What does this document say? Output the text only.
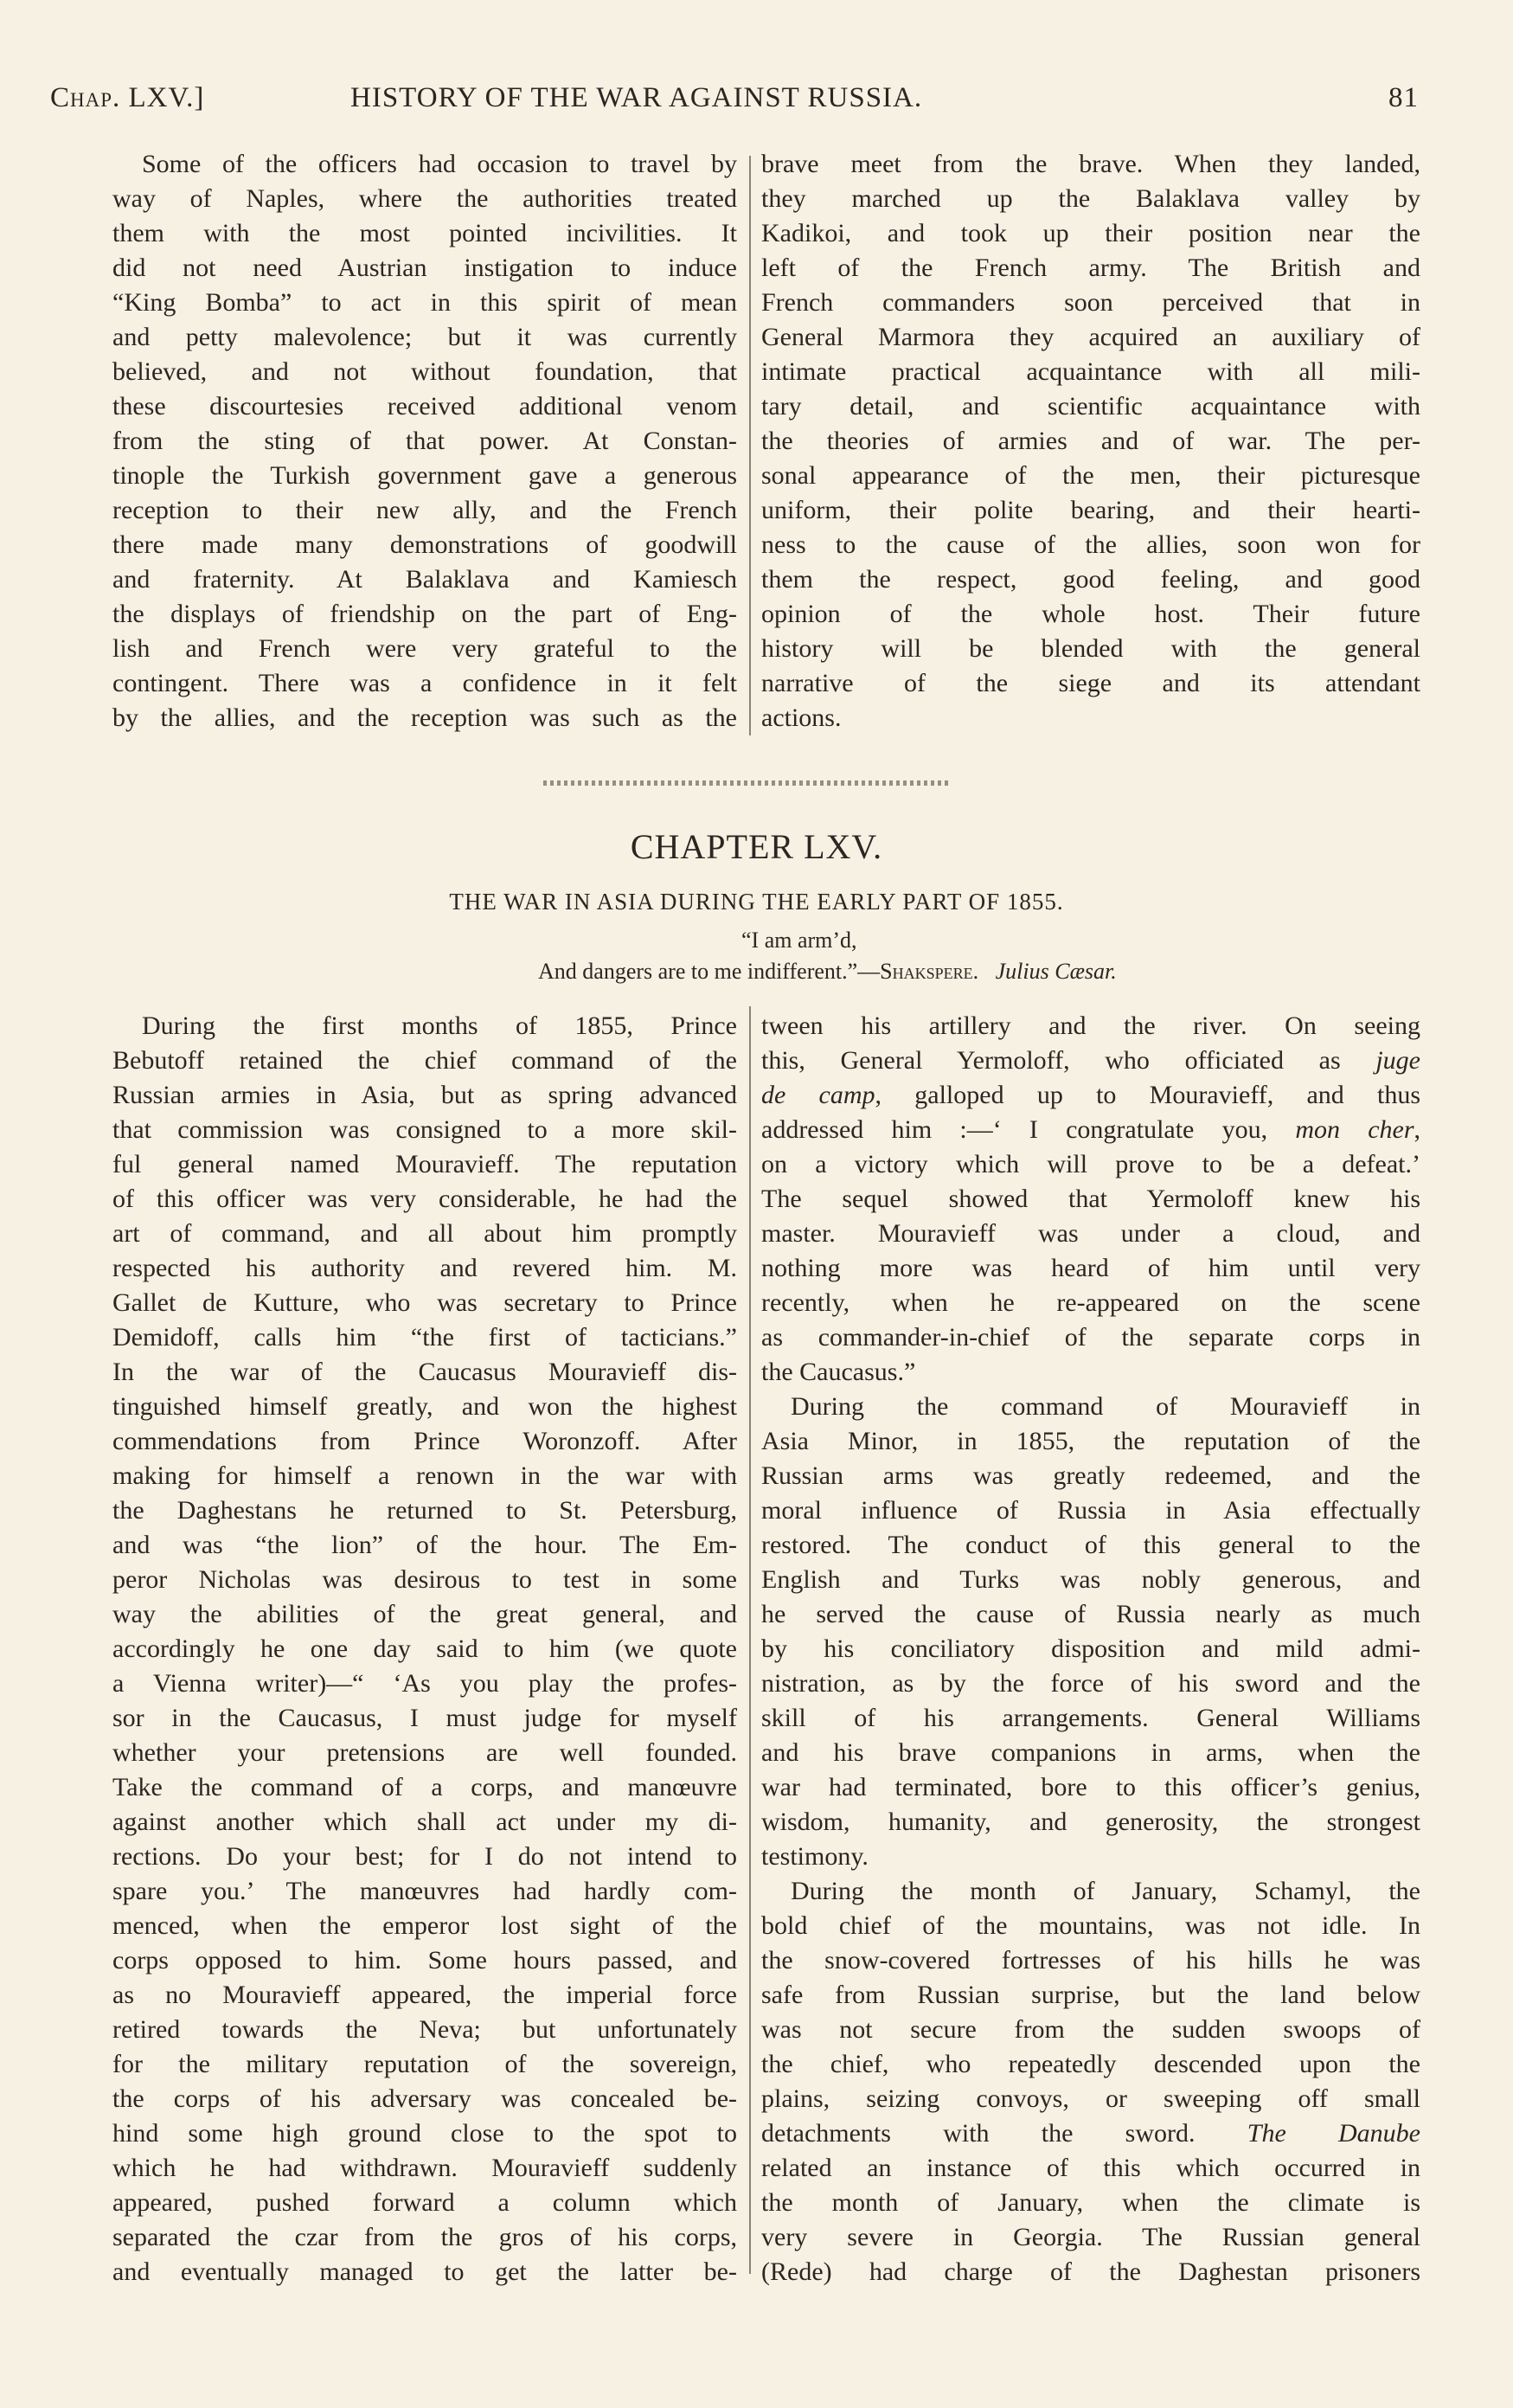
Chap. LXV.]	HISTORY OF THE WAR AGAINST RUSSIA.	81
Some of the officers had occasion to travel by
way of Naples, where the authorities treated
them with the most pointed incivilities. It
did not need Austrian instigation to induce
“King Bomba” to act in this spirit of mean
and petty malevolence; but it was currently
believed, and not without foundation, that
these discourtesies received additional venom
from the sting of that power. At Constan-
tinople the Turkish government gave a generous
reception to their new ally, and the French
there made many demonstrations of goodwill
and fraternity. At Balaklava and Kamiesch
the displays of friendship on the part of Eng-
lish and French were very grateful to the
contingent. There was a confidence in it felt
by the allies, and the reception was such as the
brave meet from the brave. When they landed,
they marched up the Balaklava valley by
Kadikoi, and took up their position near the
left of the French army. The British and
French commanders soon perceived that in
General Marmora they acquired an auxiliary of
intimate practical acquaintance with all mili-
tary detail, and scientific acquaintance with
the theories of armies and of war. The per-
sonal appearance of the men, their picturesque
uniform, their polite bearing, and their hearti-
ness to the cause of the allies, soon won for
them the respect, good feeling, and good
opinion of the whole host. Their future
history will be blended with the general
narrative of the siege and its attendant
actions.
CHAPTER LXV.
THE WAR IN ASIA DURING THE EARLY PART OF 1855.
“I am arm’d,
And dangers are to me indifferent.”—Shakspere. Julius Cæsar.
During the first months of 1855, Prince
Bebutoff retained the chief command of the
Russian armies in Asia, but as spring advanced
that commission was consigned to a more skil-
ful general named Mouravieff. The reputation
of this officer was very considerable, he had the
art of command, and all about him promptly
respected his authority and revered him. M.
Gallet de Kutture, who was secretary to Prince
Demidoff, calls him “the first of tacticians.”
In the war of the Caucasus Mouravieff dis-
tinguished himself greatly, and won the highest
commendations from Prince Woronzoff. After
making for himself a renown in the war with
the Daghestans he returned to St. Petersburg,
and was “the lion” of the hour. The Em-
peror Nicholas was desirous to test in some
way the abilities of the great general, and
accordingly he one day said to him (we quote
a Vienna writer)—“ ‘As you play the profes-
sor in the Caucasus, I must judge for myself
whether your pretensions are well founded.
Take the command of a corps, and manœuvre
against another which shall act under my di-
rections. Do your best; for I do not intend to
spare you.’ The manœuvres had hardly com-
menced, when the emperor lost sight of the
corps opposed to him. Some hours passed, and
as no Mouravieff appeared, the imperial force
retired towards the Neva; but unfortunately
for the military reputation of the sovereign,
the corps of his adversary was concealed be-
hind some high ground close to the spot to
which he had withdrawn. Mouravieff suddenly
appeared, pushed forward a column which
separated the czar from the gros of his corps,
and eventually managed to get the latter be-
tween his artillery and the river. On seeing
this, General Yermoloff, who officiated as juge
de camp, galloped up to Mouravieff, and thus
addressed him :—‘ I congratulate you, mon cher,
on a victory which will prove to be a defeat.’
The sequel showed that Yermoloff knew his
master. Mouravieff was under a cloud, and
nothing more was heard of him until very
recently, when he re-appeared on the scene
as commander-in-chief of the separate corps in
the Caucasus.”
During the command of Mouravieff in
Asia Minor, in 1855, the reputation of the
Russian arms was greatly redeemed, and the
moral influence of Russia in Asia effectually
restored. The conduct of this general to the
English and Turks was nobly generous, and
he served the cause of Russia nearly as much
by his conciliatory disposition and mild admi-
nistration, as by the force of his sword and the
skill of his arrangements. General Williams
and his brave companions in arms, when the
war had terminated, bore to this officer’s genius,
wisdom, humanity, and generosity, the strongest
testimony.
During the month of January, Schamyl, the
bold chief of the mountains, was not idle. In
the snow-covered fortresses of his hills he was
safe from Russian surprise, but the land below
was not secure from the sudden swoops of
the chief, who repeatedly descended upon the
plains, seizing convoys, or sweeping off small
detachments with the sword. The Danube
related an instance of this which occurred in
the month of January, when the climate is
very severe in Georgia. The Russian general
(Rede) had charge of the Daghestan prisoners
